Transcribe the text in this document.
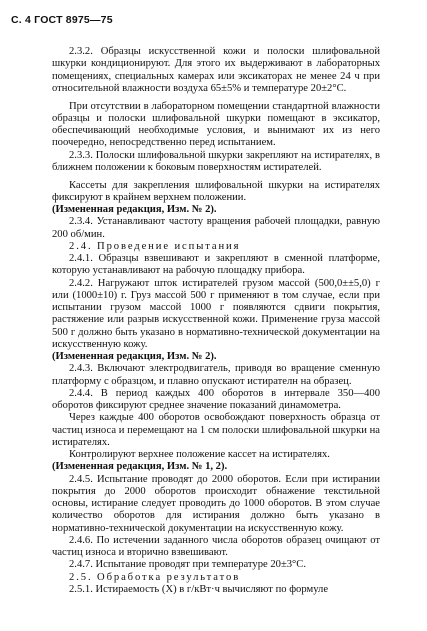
С. 4 ГОСТ 8975—75

2.3.2. Образцы искусственной кожи и полоски шлифовальной шкурки кондиционируют. Для этого их выдерживают в лабораторных помещениях, специальных камерах или эксикаторах не менее 24 ч при относительной влажности воздуха 65±5% и температуре 20±2°С.

При отсутствии в лабораторном помещении стандартной влажности образцы и полоски шлифовальной шкурки помещают в эксикатор, обеспечивающий необходимые условия, и вынимают их из него поочередно, непосредственно перед испытанием.

2.3.3. Полоски шлифовальной шкурки закрепляют на истирателях, в ближнем положении к боковым поверхностям истирателей.

Кассеты для закрепления шлифовальной шкурки на истирателях фиксируют в крайнем верхнем положении.

(Измененная редакция, Изм. № 2).

2.3.4. Устанавливают частоту вращения рабочей площадки, равную 200 об/мин.

2.4. Проведение испытания

2.4.1. Образцы взвешивают и закрепляют в сменной платформе, которую устанавливают на рабочую площадку прибора.

2.4.2. Нагружают шток истирателей грузом массой (500,0±±5,0) г или (1000±10) г. Груз массой 500 г применяют в том случае, если при испытании грузом массой 1000 г появляются сдвиги покрытия, растяжение или разрыв искусственной кожи. Применение груза массой 500 г должно быть указано в нормативно-технической документации на искусственную кожу.

(Измененная редакция, Изм. № 2).

2.4.3. Включают электродвигатель, приводя во вращение сменную платформу с образцом, и плавно опускают истирателн на образец.

2.4.4. В период каждых 400 оборотов в интервале 350—400 оборотов фиксируют среднее значение показаний динамометра.

Через каждые 400 оборотов освобождают поверхность образца от частиц износа и перемещают на 1 см полоски шлифовальной шкурки на истирателях.

Контролируют верхнее положение кассет на истирателях.

(Измененная редакция, Изм. № 1, 2).

2.4.5. Испытание проводят до 2000 оборотов. Если при истирании покрытия до 2000 оборотов происходит обнажение текстильной основы, истирание следует проводить до 1000 оборотов. В этом случае количество оборотов для истирания должно быть указано в нормативно-технической документации на искусственную кожу.

2.4.6. По истечении заданного числа оборотов образец очищают от частиц износа и вторично взвешивают.

2.4.7. Испытание проводят при температуре 20±3°С.

2.5. Обработка результатов

2.5.1. Истираемость (X) в г/кВт·ч вычисляют по формуле
